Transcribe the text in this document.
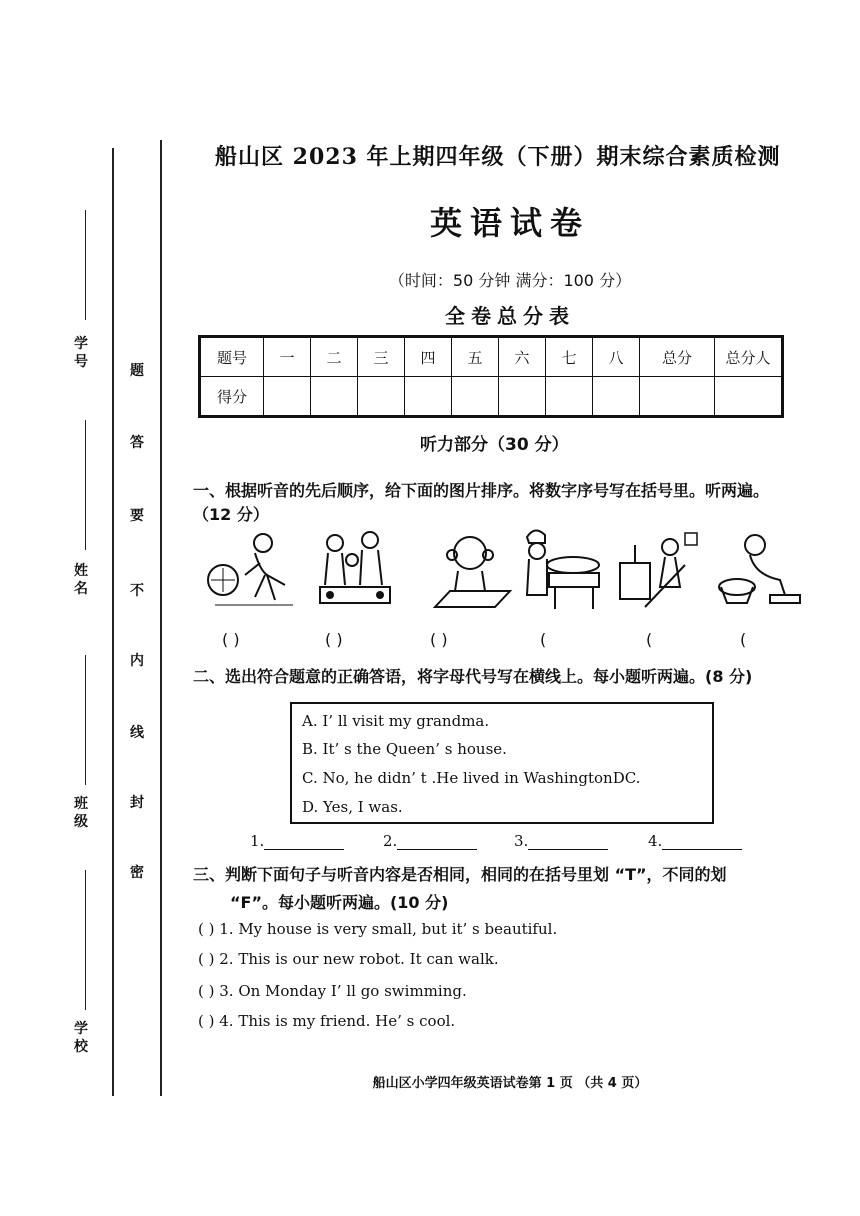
学号
姓名
班级
学校
题
答
要
不
内
线
封
密
船山区 2023 年上期四年级（下册）期末综合素质检测
英语试卷
（时间：50 分钟 满分：100 分）
全卷总分表
题号	一	二	三	四	五	六	七	八	总分	总分人
得分										
听力部分（30 分）
一、根据听音的先后顺序，给下面的图片排序。将数字序号写在括号里。听两遍。
（12 分）
( )	( )	( )	(	(	(
二、选出符合题意的正确答语，将字母代号写在横线上。每小题听两遍。(8 分)
A. I’ ll visit my grandma.
B. It’ s the Queen’ s house.
C. No, he didn’ t .He lived in WashingtonDC.
D. Yes, I was.
1.	2.	3.	4.
三、判断下面句子与听音内容是否相同，相同的在括号里划 “T”，不同的划
“F”。每小题听两遍。(10 分)
( ) 1. My house is very small, but it’ s beautiful.
( ) 2. This is our new robot. It can walk.
( ) 3. On Monday I’ ll go swimming.
( ) 4. This is my friend. He’ s cool.
船山区小学四年级英语试卷第 1 页 （共 4 页）
